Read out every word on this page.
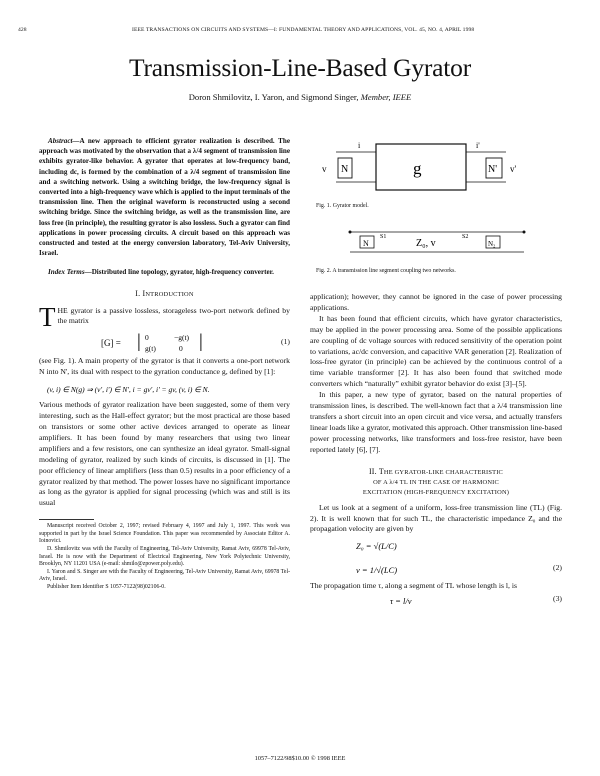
428	IEEE TRANSACTIONS ON CIRCUITS AND SYSTEMS—I: FUNDAMENTAL THEORY AND APPLICATIONS, VOL. 45, NO. 4, APRIL 1998
Transmission-Line-Based Gyrator
Doron Shmilovitz, I. Yaron, and Sigmond Singer, Member, IEEE

Abstract—A new approach to efficient gyrator realization is described. The approach was motivated by the observation that a λ/4 segment of transmission line exhibits gyrator-like behavior. A gyrator that operates at low-frequency band, including dc, is formed by the combination of a λ/4 segment of transmission line and a switching network. Using a switching bridge, the low-frequency signal is converted into a high-frequency wave which is applied to the input terminals of the transmission line. Then the original waveform is reconstructed using a second switching bridge. Since the switching bridge, as well as the transmission line, are loss free (in principle), the resulting gyrator is also lossless. Such a gyrator can find applications in power processing circuits. A circuit based on this approach was constructed and tested at the energy conversion laboratory, Tel-Aviv University, Israel.

Index Terms—Distributed line topology, gyrator, high-frequency converter.

I. INTRODUCTION

THE gyrator is a passive lossless, storageless two-port network defined by the matrix

[G] = | 0	−g(t)
g(t)	0 |	(1)

(see Fig. 1). A main property of the gyrator is that it converts a one-port network N into N', its dual with respect to the gyration conductance g, defined by [1]:

(v, i) ∈ N(g) ⇒ (v', i') ∈ N', i = gv', i' = gv, (v, i) ∈ N.

Various methods of gyrator realization have been suggested, some of them very interesting, such as the Hall-effect gyrator; but the most practical are those based on transistors or some other active devices arranged to operate as linear amplifiers. It has been found by many researchers that using two linear amplifiers and a few resistors, one can synthesize an ideal gyrator. Small-signal modeling of gyrator, realized by such kinds of circuits, is discussed in [1]. The poor efficiency of linear amplifiers (less than 0.5) results in a poor efficiency of a gyrator realized by that method. The power losses have no significant importance as long as the gyrator is applied for signal processing (which was and still is its usual

Manuscript received October 2, 1997; revised February 4, 1997 and July 1, 1997. This work was supported in part by the Israel Science Foundation. This paper was recommended by Associate Editor A. Ioinovici.

D. Shmilovitz was with the Faculty of Engineering, Tel-Aviv University, Ramat Aviv, 69978 Tel-Aviv, Israel. He is now with the Department of Electrical Engineering, New York Polytechnic University, Brooklyn, NY 11201 USA (e-mail: shmilo@zpower.poly.edu).

I. Yaron and S. Singer are with the Faculty of Engineering, Tel-Aviv University, Ramat Aviv, 69978 Tel-Aviv, Israel.

Publisher Item Identifier S 1057-7122(98)02106-0.

N
v
i
g	N'
i'
v'
Fig. 1. Gyrator model.
N
S1
Z₀, v
S2
N₂
Fig. 2. A transmission line segment coupling two networks.

application); however, they cannot be ignored in the case of power processing applications.

It has been found that efficient circuits, which have gyrator characteristics, may be applied in the power processing area. Some of the possible applications are coupling of dc voltage sources with reduced sensitivity of the operation point to variations, ac/dc conversion, and capacitive VAR generation [2]. Realization of loss-free gyrator (in principle) can be achieved by the continuous control of a time variable transformer [2]. It has also been found that switched mode converters which “naturally” exhibit gyrator behavior do exist [3]–[5].

In this paper, a new type of gyrator, based on the natural properties of transmission lines, is described. The well-known fact that a λ/4 transmission line transfers a short circuit into an open circuit and vice versa, and actually transfers linear loads like a gyrator, motivated this approach. Other transmission line-based power processing networks, like transformers and loss-free resistor, have been reported lately [6], [7].

II. THE GYRATOR-LIKE CHARACTERISTIC
OF A λ/4 TL IN THE CASE OF HARMONIC
EXCITATION (HIGH-FREQUENCY EXCITATION)

Let us look at a segment of a uniform, loss-free transmission line (TL) (Fig. 2). It is well known that for such TL, the characteristic impedance Z₀ and the propagation velocity are given by

Z₀ = √(L/C)
v = 1/√(LC)	(2)

The propagation time τ, along a segment of TL whose length is l, is

τ = l/v	(3)
1057–7122/98$10.00 © 1998 IEEE
